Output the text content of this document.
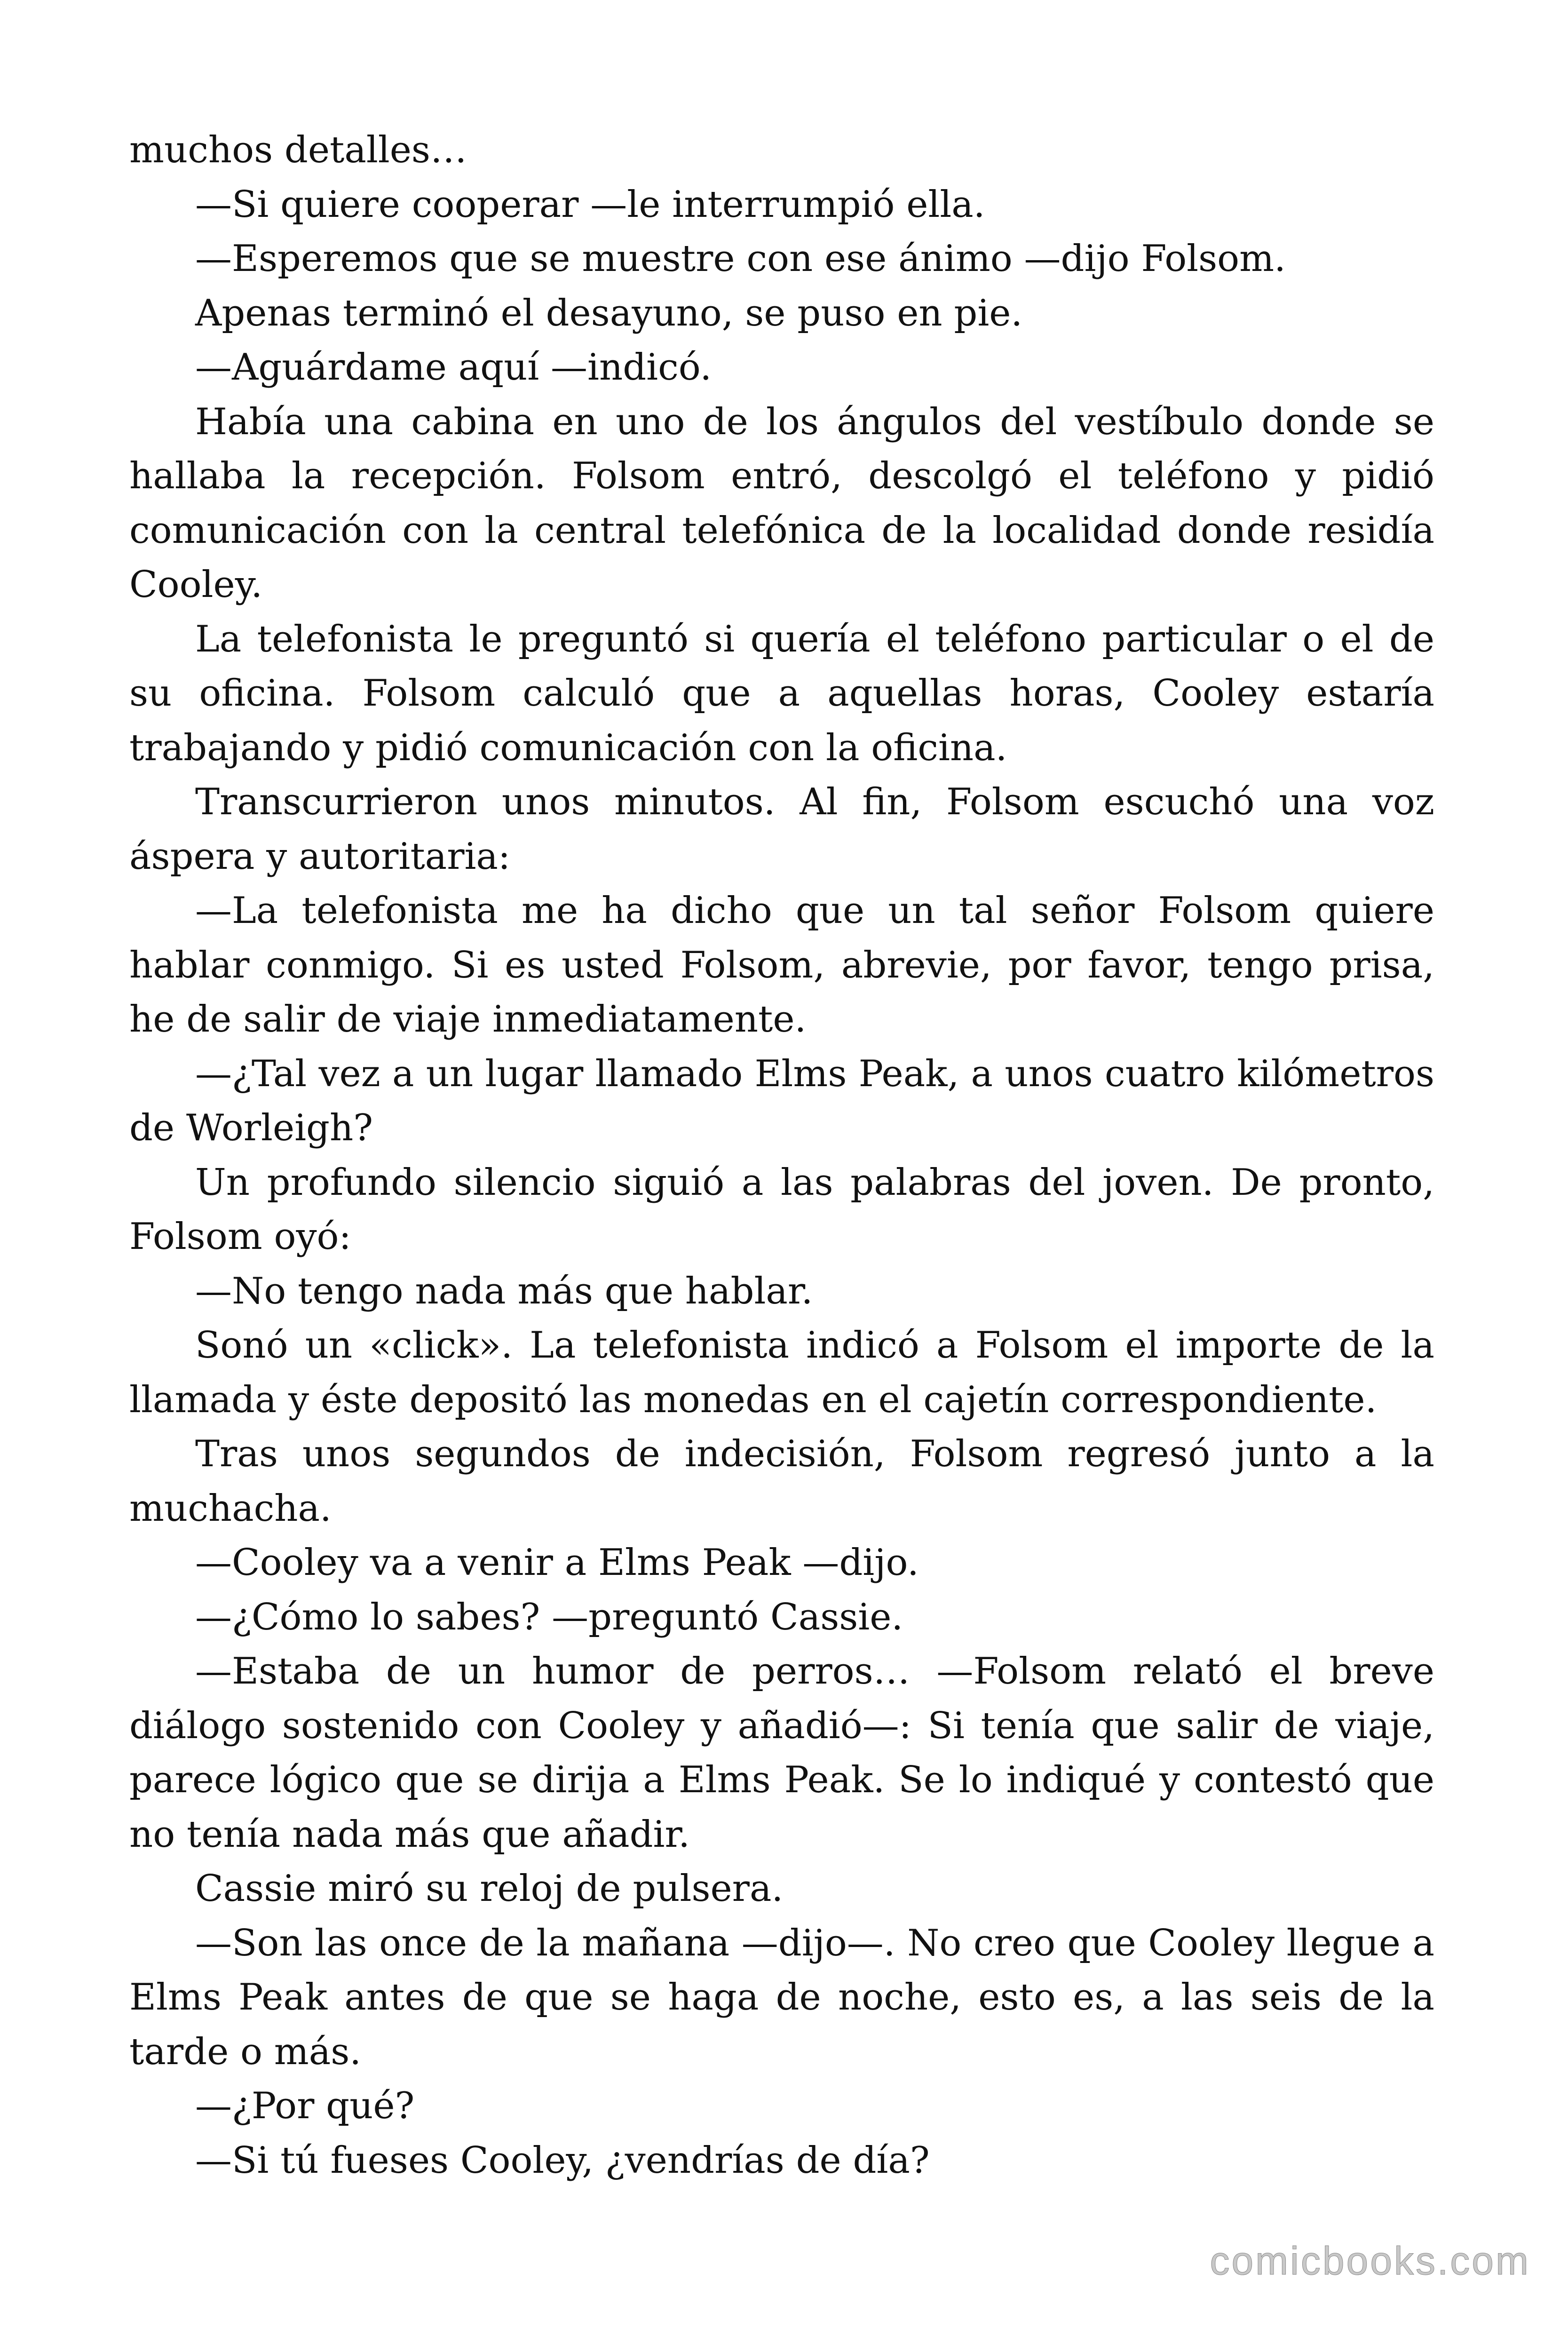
muchos detalles…

—Si quiere cooperar —le interrumpió ella.

—Esperemos que se muestre con ese ánimo —dijo Folsom.

Apenas terminó el desayuno, se puso en pie.

—Aguárdame aquí —indicó.

Había una cabina en uno de los ángulos del vestíbulo donde se hallaba la recepción. Folsom entró, descolgó el teléfono y pidió comunicación con la central telefónica de la localidad donde residía Cooley.

La telefonista le preguntó si quería el teléfono particular o el de su oficina. Folsom calculó que a aquellas horas, Cooley estaría trabajando y pidió comunicación con la oficina.

Transcurrieron unos minutos. Al fin, Folsom escuchó una voz áspera y autoritaria:

—La telefonista me ha dicho que un tal señor Folsom quiere hablar conmigo. Si es usted Folsom, abrevie, por favor, tengo prisa, he de salir de viaje inmediatamente.

—¿Tal vez a un lugar llamado Elms Peak, a unos cuatro kilómetros de Worleigh?

Un profundo silencio siguió a las palabras del joven. De pronto, Folsom oyó:

—No tengo nada más que hablar.

Sonó un «click». La telefonista indicó a Folsom el importe de la llamada y éste depositó las monedas en el cajetín correspondiente.

Tras unos segundos de indecisión, Folsom regresó junto a la muchacha.

—Cooley va a venir a Elms Peak —dijo.

—¿Cómo lo sabes? —preguntó Cassie.

—Estaba de un humor de perros… —Folsom relató el breve diálogo sostenido con Cooley y añadió—: Si tenía que salir de viaje, parece lógico que se dirija a Elms Peak. Se lo indiqué y contestó que no tenía nada más que añadir.

Cassie miró su reloj de pulsera.

—Son las once de la mañana —dijo—. No creo que Cooley llegue a Elms Peak antes de que se haga de noche, esto es, a las seis de la tarde o más.

—¿Por qué?

—Si tú fueses Cooley, ¿vendrías de día?

comicbooks.com
